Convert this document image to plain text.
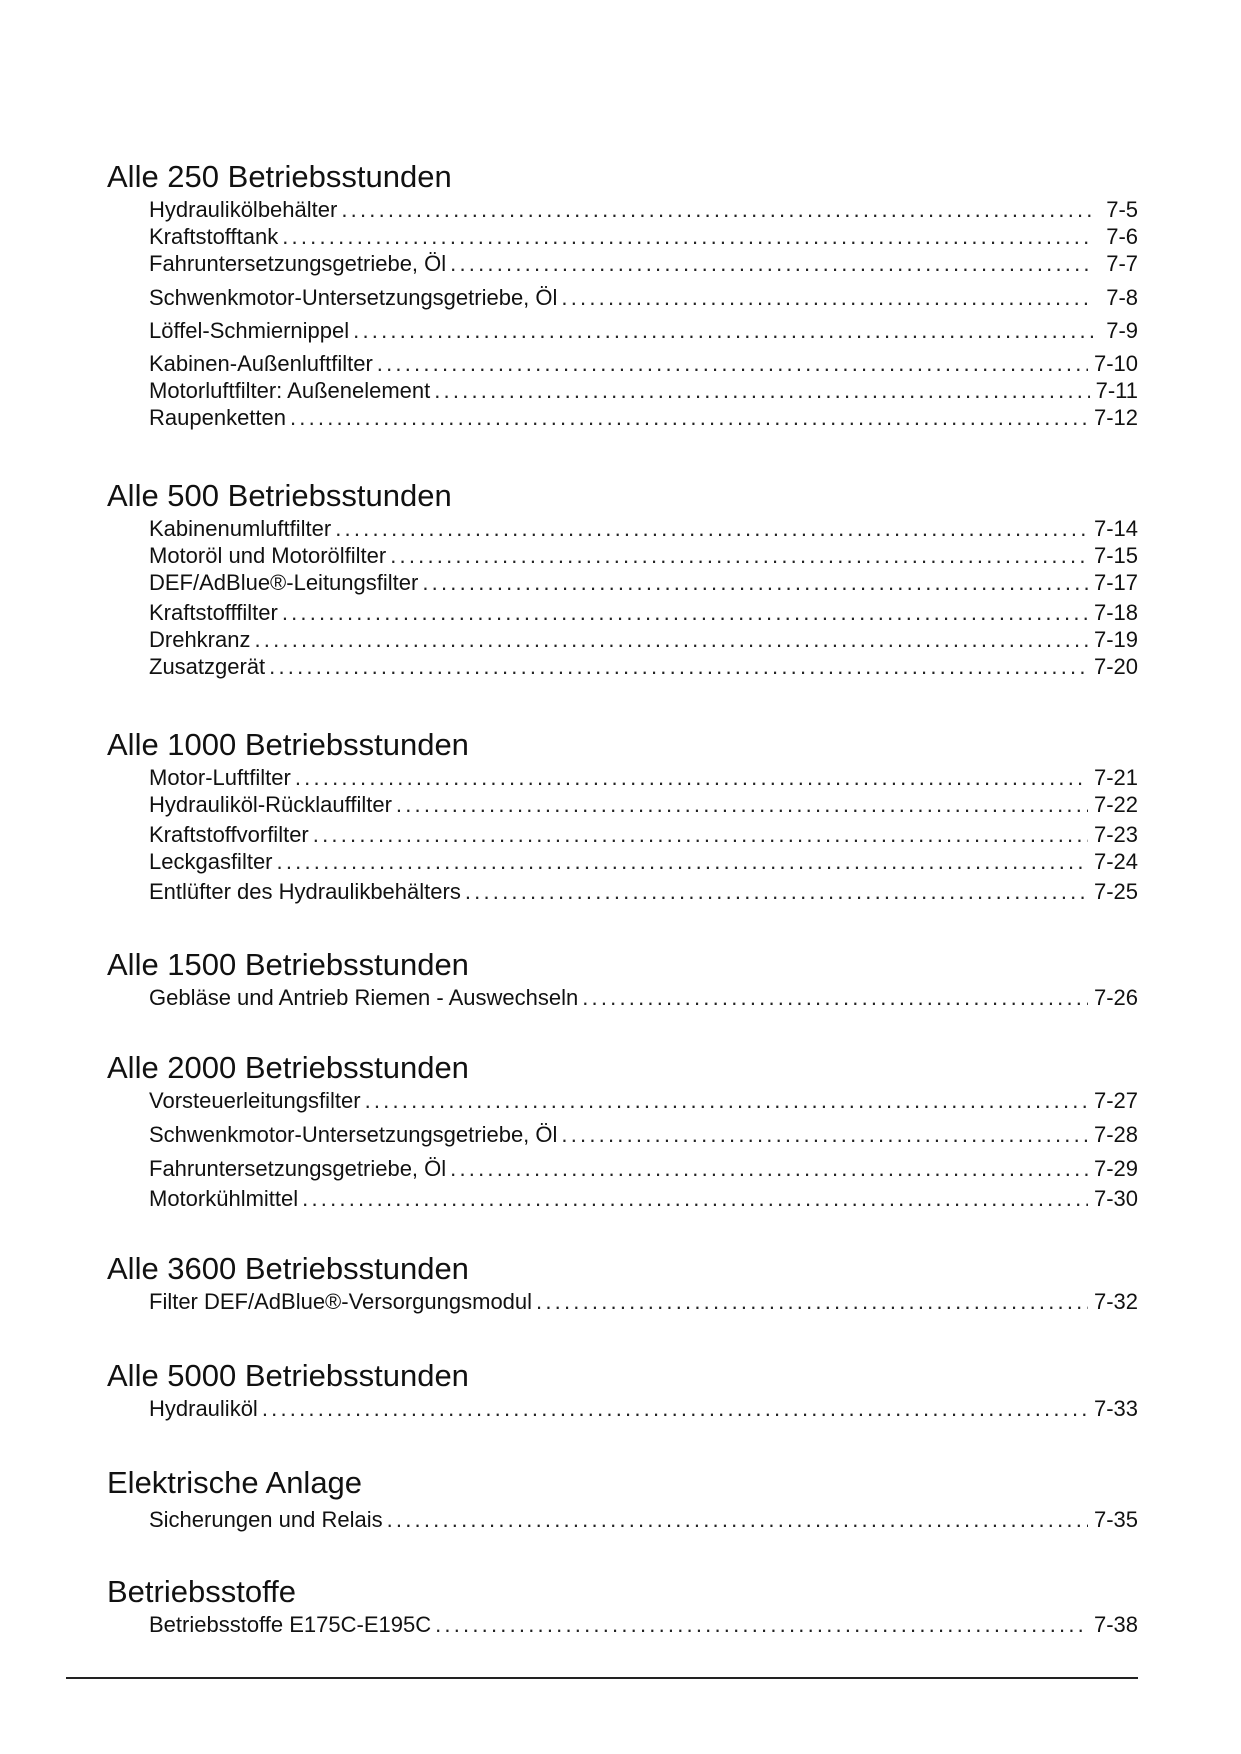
Alle 250 Betriebsstunden
Hydraulikölbehälter .....	7-5
Kraftstofftank .....	7-6
Fahruntersetzungsgetriebe, Öl .....	7-7
Schwenkmotor-Untersetzungsgetriebe, Öl .....	7-8
Löffel-Schmiernippel .....	7-9
Kabinen-Außenluftfilter .....	7-10
Motorluftfilter: Außenelement .....	7-11
Raupenketten .....	7-12
Alle 500 Betriebsstunden
Kabinenumluftfilter .....	7-14
Motoröl und Motorölfilter .....	7-15
DEF/AdBlue®-Leitungsfilter .....	7-17
Kraftstofffilter .....	7-18
Drehkranz .....	7-19
Zusatzgerät .....	7-20
Alle 1000 Betriebsstunden
Motor-Luftfilter .....	7-21
Hydrauliköl-Rücklauffilter .....	7-22
Kraftstoffvorfilter .....	7-23
Leckgasfilter .....	7-24
Entlüfter des Hydraulikbehälters .....	7-25
Alle 1500 Betriebsstunden
Gebläse und Antrieb Riemen - Auswechseln .....	7-26
Alle 2000 Betriebsstunden
Vorsteuerleitungsfilter .....	7-27
Schwenkmotor-Untersetzungsgetriebe, Öl .....	7-28
Fahruntersetzungsgetriebe, Öl .....	7-29
Motorkühlmittel .....	7-30
Alle 3600 Betriebsstunden
Filter DEF/AdBlue®-Versorgungsmodul .....	7-32
Alle 5000 Betriebsstunden
Hydrauliköl .....	7-33
Elektrische Anlage
Sicherungen und Relais .....	7-35
Betriebsstoffe
Betriebsstoffe E175C-E195C .....	7-38
